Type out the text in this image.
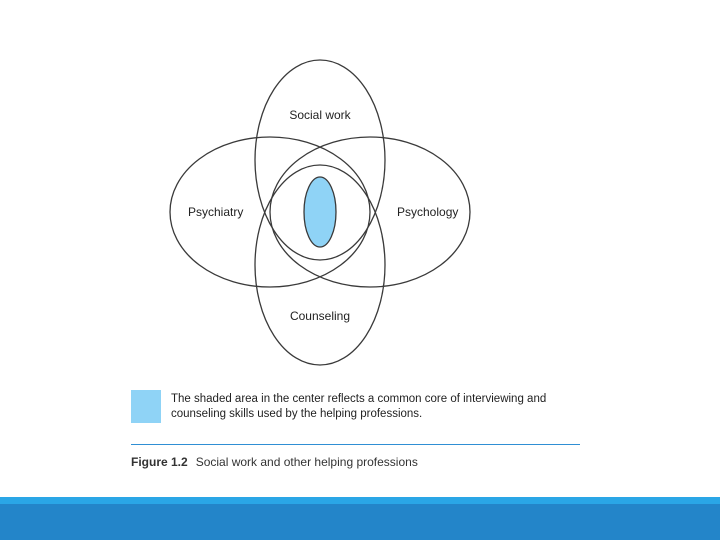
Social work
Psychiatry	Psychology
Counseling
The shaded area in the center reflects a common core of interviewing and
counseling skills used by the helping professions.
Figure 1.2 Social work and other helping professions
